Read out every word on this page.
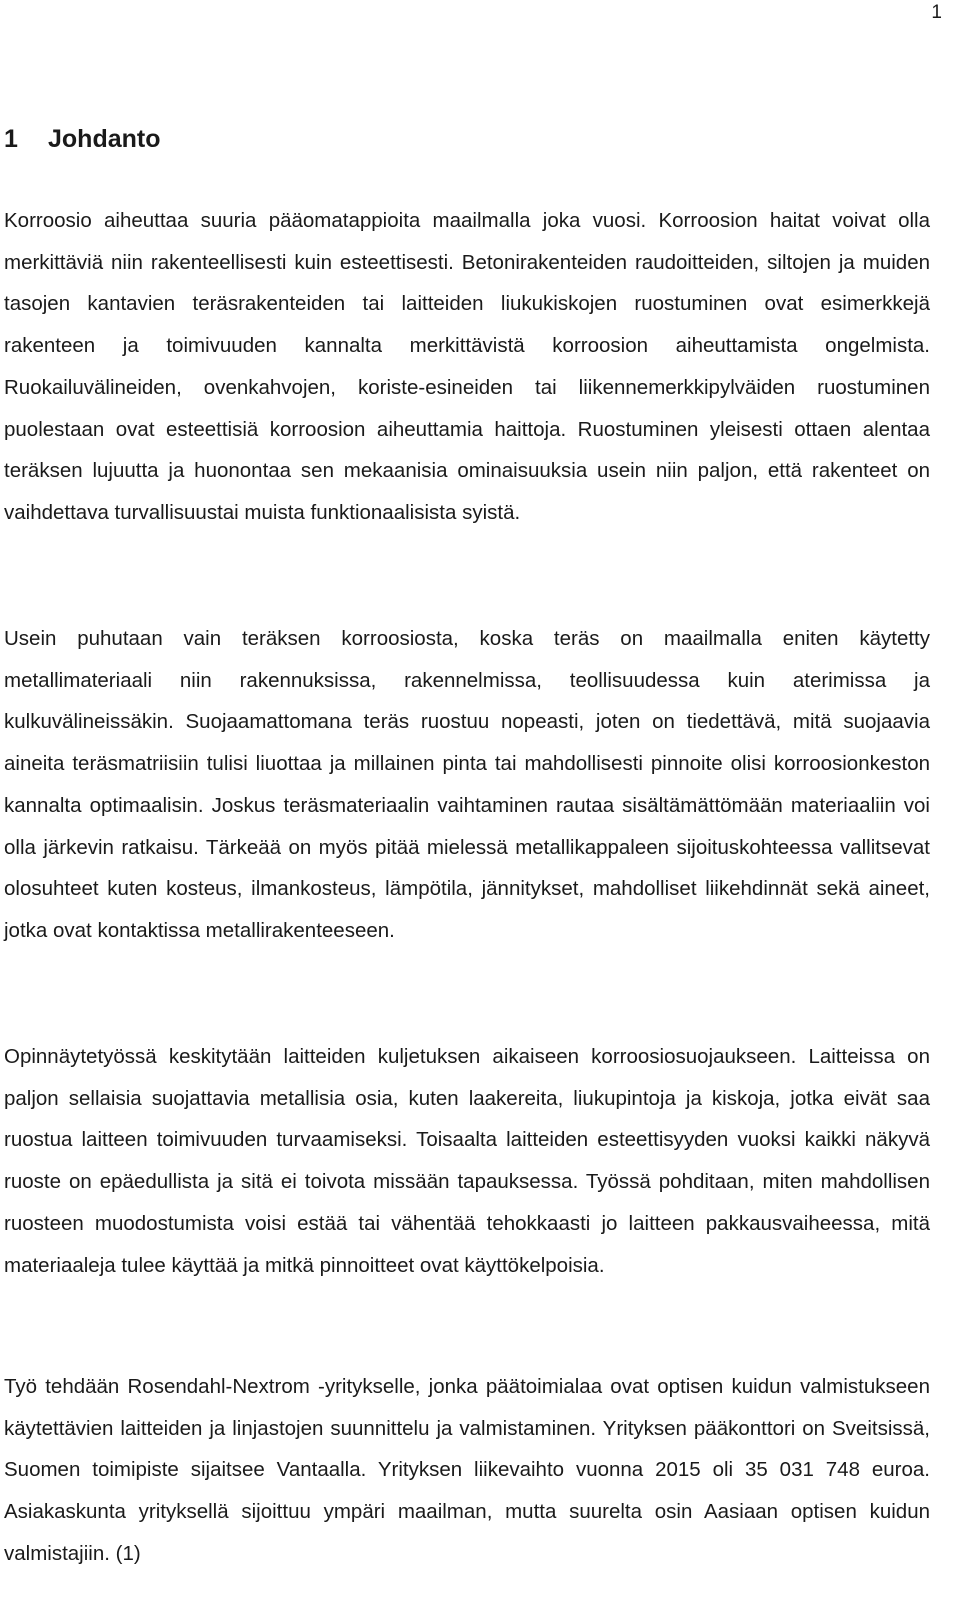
1

1 Johdanto

Korroosio aiheuttaa suuria pääomatappioita maailmalla joka vuosi. Korroosion haitat voivat olla merkittäviä niin rakenteellisesti kuin esteettisesti. Betonirakenteiden raudoitteiden, siltojen ja muiden tasojen kantavien teräsrakenteiden tai laitteiden liukukiskojen ruostuminen ovat esimerkkejä rakenteen ja toimivuuden kannalta merkittävistä korroosion aiheuttamista ongelmista. Ruokailuvälineiden, ovenkahvojen, koriste-esineiden tai liikennemerkkipylväiden ruostuminen puolestaan ovat esteettisiä korroosion aiheuttamia haittoja. Ruostuminen yleisesti ottaen alentaa teräksen lujuutta ja huonontaa sen mekaanisia ominaisuuksia usein niin paljon, että rakenteet on vaihdettava turvallisuustai muista funktionaalisista syistä.

Usein puhutaan vain teräksen korroosiosta, koska teräs on maailmalla eniten käytetty metallimateriaali niin rakennuksissa, rakennelmissa, teollisuudessa kuin aterimissa ja kulkuvälineissäkin. Suojaamattomana teräs ruostuu nopeasti, joten on tiedettävä, mitä suojaavia aineita teräsmatriisiin tulisi liuottaa ja millainen pinta tai mahdollisesti pinnoite olisi korroosionkeston kannalta optimaalisin. Joskus teräsmateriaalin vaihtaminen rautaa sisältämättömään materiaaliin voi olla järkevin ratkaisu. Tärkeää on myös pitää mielessä metallikappaleen sijoituskohteessa vallitsevat olosuhteet kuten kosteus, ilmankosteus, lämpötila, jännitykset, mahdolliset liikehdinnät sekä aineet, jotka ovat kontaktissa metallirakenteeseen.

Opinnäytetyössä keskitytään laitteiden kuljetuksen aikaiseen korroosiosuojaukseen. Laitteissa on paljon sellaisia suojattavia metallisia osia, kuten laakereita, liukupintoja ja kiskoja, jotka eivät saa ruostua laitteen toimivuuden turvaamiseksi. Toisaalta laitteiden esteettisyyden vuoksi kaikki näkyvä ruoste on epäedullista ja sitä ei toivota missään tapauksessa. Työssä pohditaan, miten mahdollisen ruosteen muodostumista voisi estää tai vähentää tehokkaasti jo laitteen pakkausvaiheessa, mitä materiaaleja tulee käyttää ja mitkä pinnoitteet ovat käyttökelpoisia.

Työ tehdään Rosendahl-Nextrom -yritykselle, jonka päätoimialaa ovat optisen kuidun valmistukseen käytettävien laitteiden ja linjastojen suunnittelu ja valmistaminen. Yrityksen pääkonttori on Sveitsissä, Suomen toimipiste sijaitsee Vantaalla. Yrityksen liikevaihto vuonna 2015 oli 35 031 748 euroa. Asiakaskunta yrityksellä sijoittuu ympäri maailman, mutta suurelta osin Aasiaan optisen kuidun valmistajiin. (1)
